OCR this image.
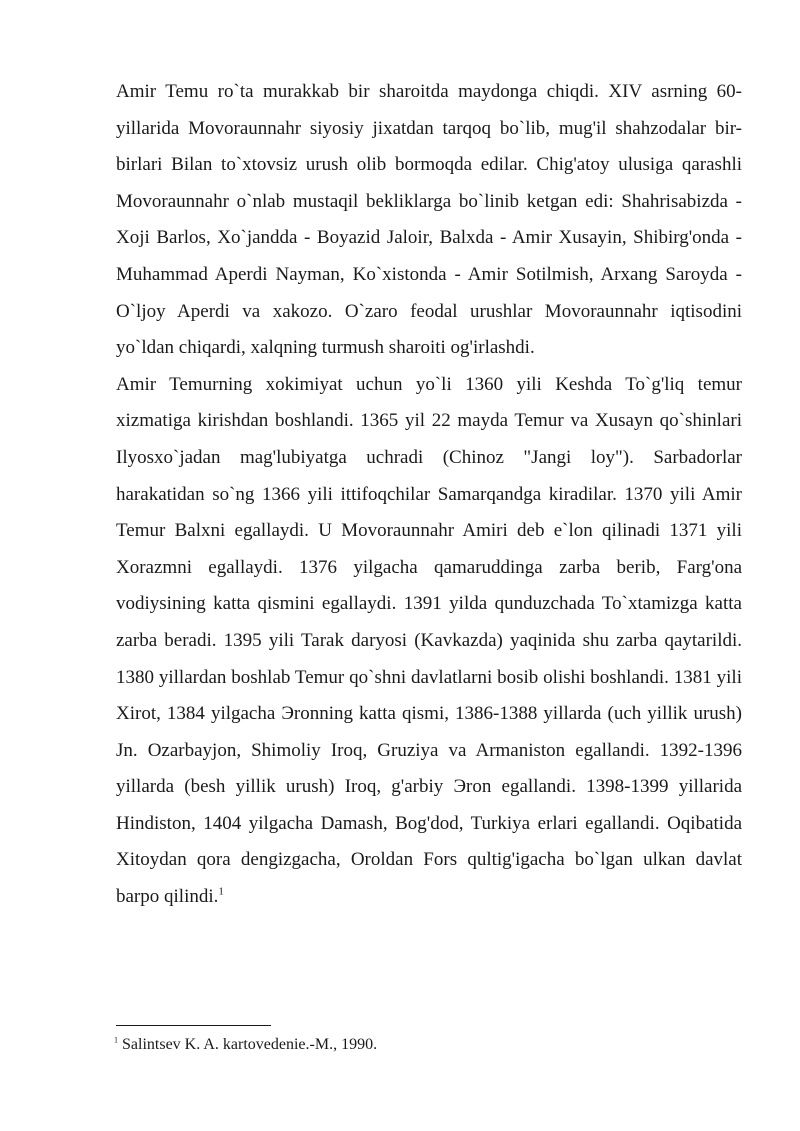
Amir Temu ro`ta murakkab bir sharoitda maydonga chiqdi. XIV asrning 60-yillarida Movoraunnahr siyosiy jixatdan tarqoq bo`lib, mug'il shahzodalar bir-birlari Bilan to`xtovsiz urush olib bormoqda edilar. Chig'atoy ulusiga qarashli Movoraunnahr o`nlab mustaqil bekliklarga bo`linib ketgan edi: Shahrisabizda - Xoji Barlos, Xo`jandda - Boyazid Jaloir, Balxda - Amir Xusayin, Shibirg'onda - Muhammad Aperdi Nayman, Ko`xistonda - Amir Sotilmish, Arxang Saroyda - O`ljoy Aperdi va xakozo. O`zaro feodal urushlar Movoraunnahr iqtisodini yo`ldan chiqardi, xalqning turmush sharoiti og'irlashdi.

Amir Temurning xokimiyat uchun yo`li 1360 yili Keshda To`g'liq temur xizmatiga kirishdan boshlandi. 1365 yil 22 mayda Temur va Xusayn qo`shinlari Ilyosxo`jadan mag'lubiyatga uchradi (Chinoz "Jangi loy"). Sarbadorlar harakatidan so`ng 1366 yili ittifoqchilar Samarqandga kiradilar. 1370 yili Amir Temur Balxni egallaydi. U Movoraunnahr Amiri deb e`lon qilinadi 1371 yili Xorazmni egallaydi. 1376 yilgacha qamaruddinga zarba berib, Farg'ona vodiysining katta qismini egallaydi. 1391 yilda qunduzchada To`xtamizga katta zarba beradi. 1395 yili Tarak daryosi (Kavkazda) yaqinida shu zarba qaytarildi. 1380 yillardan boshlab Temur qo`shni davlatlarni bosib olishi boshlandi. 1381 yili Xirot, 1384 yilgacha Эronning katta qismi, 1386-1388 yillarda (uch yillik urush) Jn. Ozarbayjon, Shimoliy Iroq, Gruziya va Armaniston egallandi. 1392-1396 yillarda (besh yillik urush) Iroq, g'arbiy Эron egallandi. 1398-1399 yillarida Hindiston, 1404 yilgacha Damash, Bog'dod, Turkiya erlari egallandi. Oqibatida Xitoydan qora dengizgacha, Oroldan Fors qultig'igacha bo`lgan ulkan davlat barpo qilindi.$^1$

$^1$ Salintsev K. A. kartovedenie.-M., 1990.
